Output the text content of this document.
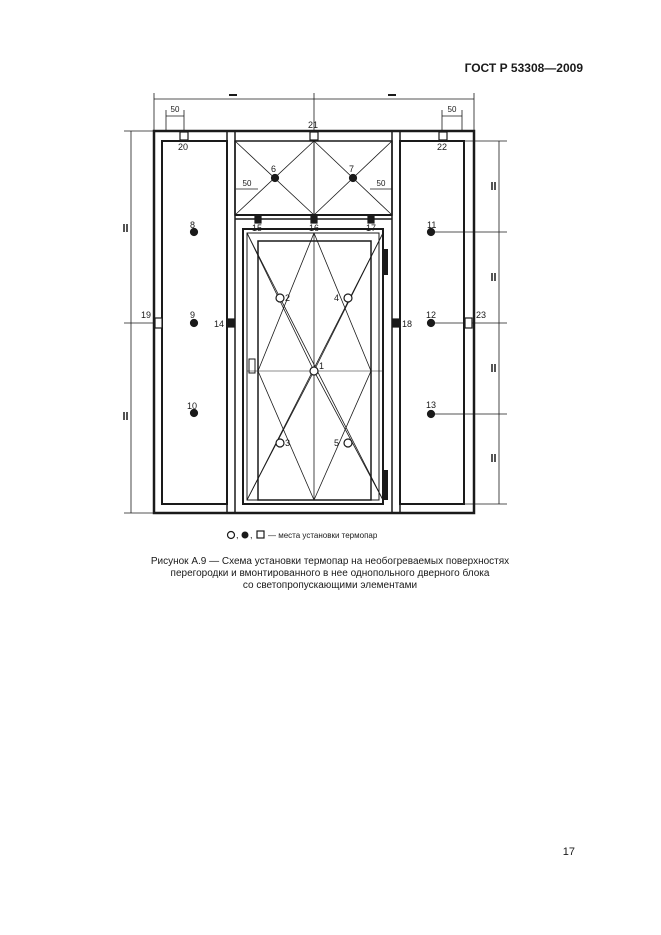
ГОСТ Р 53308—2009
50	50
50	50
1
2
3
4
5
6	7
8
9
10
11
12
13
14
15	16	17
18
19
20
21
22
23
, , — места установки термопар
Рисунок А.9 — Схема установки термопар на необогреваемых поверхностях
перегородки и вмонтированного в нее однопольного дверного блока
со светопропускающими элементами
17
